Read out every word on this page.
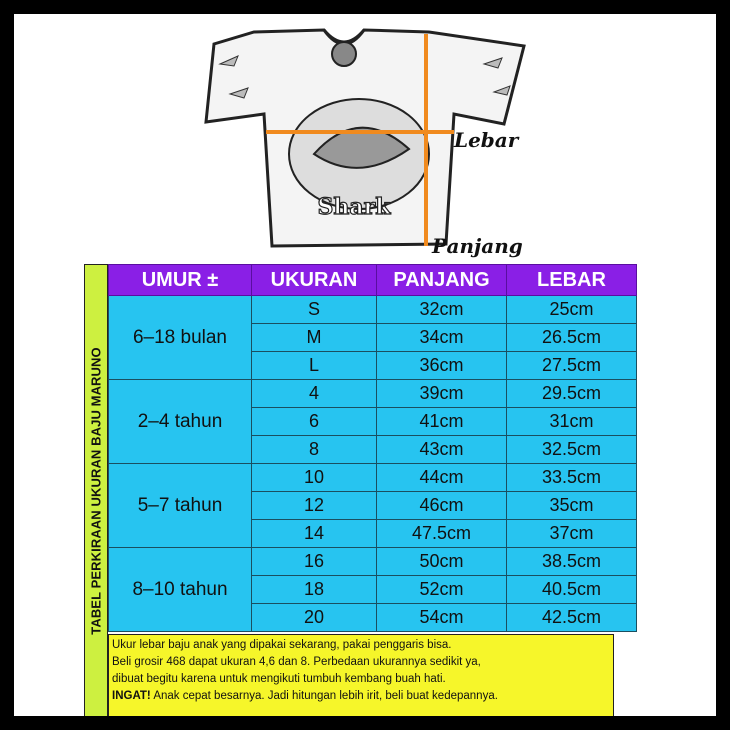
Shark
Lebar
Panjang
TABEL PERKIRAAN UKURAN BAJU MARUNO
UMUR ±	UKURAN	PANJANG	LEBAR
6–18 bulan	S	32cm	25cm
	M	34cm	26.5cm
	L	36cm	27.5cm
2–4 tahun	4	39cm	29.5cm
	6	41cm	31cm
	8	43cm	32.5cm
5–7 tahun	10	44cm	33.5cm
	12	46cm	35cm
	14	47.5cm	37cm
8–10 tahun	16	50cm	38.5cm
	18	52cm	40.5cm
	20	54cm	42.5cm
Ukur lebar baju anak yang dipakai sekarang, pakai penggaris bisa.
Beli grosir 468 dapat ukuran 4,6 dan 8. Perbedaan ukurannya sedikit ya,
dibuat begitu karena untuk mengikuti tumbuh kembang buah hati.
INGAT! Anak cepat besarnya. Jadi hitungan lebih irit, beli buat kedepannya.
